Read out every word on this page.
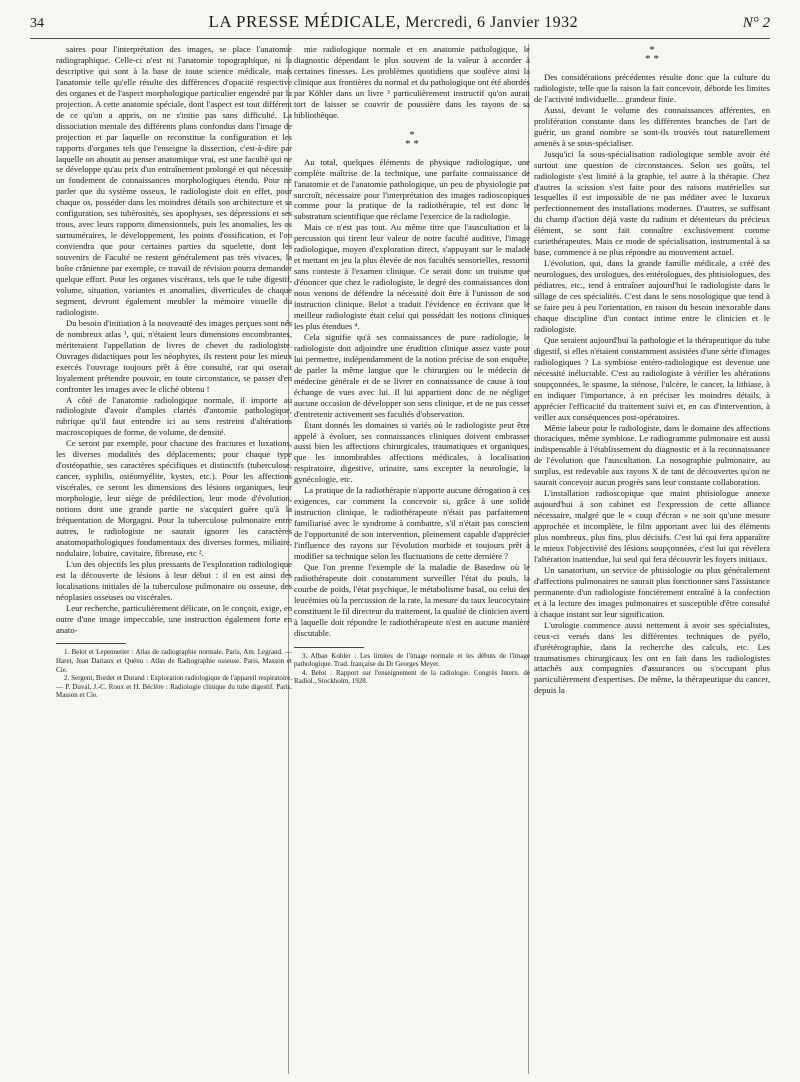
34	LA PRESSE MÉDICALE, Mercredi, 6 Janvier 1932	N° 2

saires pour l'interprétation des images, se place l'anatomie radiographique. Celle-ci n'est ni l'anatomie topographique, ni la descriptive qui sont à la base de toute science médicale, mais l'anatomie telle qu'elle résulte des différences d'opacité respective des organes et de l'aspect morphologique particulier engendré par la projection. A cette anatomie spéciale, dont l'aspect est tout différent de ce qu'on a appris, on ne s'initie pas sans difficulté. La dissociation mentale des différents plans confondus dans l'image de projection et par laquelle on reconstitue la configuration et les rapports d'organes tels que l'enseigne la dissection, c'est-à-dire par laquelle on aboutit au penser anatomique vrai, est une faculté qui ne se développe qu'au prix d'un entraînement prolongé et qui nécessite un fondement de connaissances morphologiques étendu. Pour ne parler que du système osseux, le radiologiste doit en effet, pour chaque os, posséder dans les moindres détails son architecture et sa configuration, ses tubérosités, ses apophyses, ses dépressions et ses trous, avec leurs rapports dimensionnels, puis les anomalies, les os surnuméraires, le développement, les points d'ossification, et l'on conviendra que pour certaines parties du squelette, dont les souvenirs de Faculté ne restent généralement pas très vivaces, la boîte crânienne par exemple, ce travail de révision pourra demander quelque effort. Pour les organes viscéraux, tels que le tube digestif, volume, situation, variantes et anomalies, diverticules de chaque segment, devront également meubler la mémoire visuelle du radiologiste.

Du besoin d'initiation à la nouveauté des images perçues sont nés de nombreux atlas ¹, qui, n'étaient leurs dimensions encombrantes, mériteraient l'appellation de livres de chevet du radiologiste. Ouvrages didactiques pour les néophytes, ils restent pour les mieux exercés l'ouvrage toujours prêt à être consulté, car qui oserait loyalement prétendre pouvoir, en toute circonstance, se passer d'en confronter les images avec le cliché obtenu !

A côté de l'anatomie radiologique normale, il importe au radiologiste d'avoir d'amples clartés d'antomie pathologique, rubrique qu'il faut entendre ici au sens restreint d'altérations macroscopiques de forme, de volume, de densité.

Ce seront par exemple, pour chacune des fractures et luxations, les diverses modalités des déplacements; pour chaque type d'ostéopathie, ses caractères spécifiques et distinctifs (tuberculose, cancer, syphilis, ostéomyélite, kystes, etc.). Pour les affections viscérales, ce seront les dimensions des lésions organiques, leur morphologie, leur siège de prédilection, leur mode d'évolution, notions dont une grande partie ne s'acquiert guère qu'à la fréquentation de Morgagni. Pour la tuberculose pulmonaire entre autres, le radiologiste ne saurait ignorer les caractères anatomopathologiques fondamentaux des diverses formes, miliaire, nodulaire, lobaire, cavitaire, fibreuse, etc ².

L'un des objectifs les plus pressants de l'exploration radiologique est la découverte de lésions à leur début : il en est ainsi des localisations initiales de la tuberculose pulmonaire ou osseuse, des néoplasies osseuses ou viscérales.

Leur recherche, particulièrement délicate, on le conçoit, exige, en outre d'une image impeccable, une instruction également forte en anato-

1. Belot et Lepennetier : Atlas de radiographie normale. Paris, Am. Legrand. — Haret, Jean Dariaux et Quénu : Atlas de Radiographie osseuse. Paris, Masson et Cie.

2. Sergent, Bordet et Durand : Exploration radiologique de l'appareil respiratoire. — P. Duval, J.-C. Roux et H. Béclère : Radiologie clinique du tube digestif. Paris. Masson et Cie.

mie radiologique normale et en anatomie pathologique, le diagnostic dépendant le plus souvent de la valeur à accorder à certaines finesses. Les problèmes quotidiens que soulève ainsi la clinique aux frontières du normal et du pathologique ont été abordés par Köhler dans un livre ³ particulièrement instructif qu'on aurait tort de laisser se couvrir de poussière dans les rayons de sa bibliothèque.

*
* *

Au total, quelques éléments de physique radiologique, une complète maîtrise de la technique, une parfaite connaissance de l'anatomie et de l'anatomie pathologique, un peu de physiologie par surcroît, nécessaire pour l'interprétation des images radioscopiques comme pour la pratique de la radiothérapie, tel est donc le substratum scientifique que réclame l'exercice de la radiologie.

Mais ce n'est pas tout. Au même titre que l'auscultation et la percussion qui tirent leur valeur de notre faculté auditive, l'image radiologique, moyen d'exploration direct, s'appuyant sur le malade et mettant en jeu la plus élevée de nos facultés sensorielles, ressortit sans conteste à l'examen clinique. Ce serait donc un truisme que d'énoncer que chez le radiologiste, le degré des connaissances dont nous venons de défendre la nécessité doit être à l'unisson de son instruction clinique. Belot a traduit l'évidence en écrivant que le meilleur radiologiste était celui qui possédait les notions cliniques les plus étendues ⁴.

Cela signifie qu'à ses connaissances de pure radiologie, le radiologiste doit adjoindre une érudition clinique assez vaste pour lui permettre, indépendamment de la notion précise de son enquête, de parler la même langue que le chirurgien ou le médecin de médecine générale et de se livrer en connaissance de cause à tout échange de vues avec lui. Il lui appartient donc de ne négliger aucune occasion de développer son sens clinique, et de ne pas cesser d'entretenir activement ses facultés d'observation.

Étant donnés les domaines si variés où le radiologiste peut être appelé à évoluer, ses connaissances cliniques doivent embrasser aussi bien les affections chirurgicales, traumatiques et organiques, que les innombrables affections médicales, à localisation respiratoire, digestive, urinaire, sans excepter la neurologie, la gynécologie, etc.

La pratique de la radiothérapie n'apporte aucune dérogation à ces exigences, car comment la concevoir si, grâce à une solide instruction clinique, le radiothérapeute n'était pas parfaitement familiarisé avec le syndrome à combattre, s'il n'était pas conscient de l'opportunité de son intervention, pleinement capable d'apprécier l'influence des rayons sur l'évolution morbide et toujours prêt à modifier sa technique selon les fluctuations de cette dernière ?

Que l'on prenne l'exemple de la maladie de Basedow où le radiothérapeute doit constamment surveiller l'état du pouls, la courbe de poids, l'état psychique, le métabolisme basal, ou celui des leucémies où la percussion de la rate, la mesure du taux leucocytaire constituent le fil directeur du traitement, la qualité de clinicien averti à laquelle doit répondre le radiothérapeute n'est en aucune manière discutable.

3. Alban Kohler : Les limites de l'image normale et les débuts de l'image pathologique. Trad. française du Dr Georges Meyer.

4. Belot : Rapport sur l'enseignement de la radiologie. Congrès Intern. de Radiol., Stockholm, 1928.

*
* *

Des considérations précédentes résulte donc que la culture du radiologiste, telle que la raison la fait concevoir, déborde les limites de l'activité individuelle... grandeur finie.

Aussi, devant le volume des connaissances afférentes, en prolifération constante dans les différentes branches de l'art de guérir, un grand nombre se sont-ils trouvés tout naturellement amenés à se sous-spécialiser.

Jusqu'ici la sous-spécialisation radiologique semble avoir été surtout une question de circonstances. Selon ses goûts, tel radiologiste s'est limité à la graphie, tel autre à la thérapie. Chez d'autres la scission s'est faite pour des raisons matérielles sur lesquelles il est impossible de ne pas méditer avec le luxueux perfectionnement des installations modernes. D'autres, se suffisant du champ d'action déjà vaste du radium et détenteurs du précieux élément, se sont fait connaître exclusivement comme curiethérapeutes. Mais ce mode de spécialisation, instrumental à sa base, commence à ne plus répondre au mouvement actuel.

L'évolution, qui, dans la grande famille médicale, a créé des neurologues, des urologues, des entérologues, des phtisiologues, des pédiatres, etc., tend à entraîner aujourd'hui le radiologiste dans le sillage de ces spécialités. C'est dans le sens nosologique que tend à se faire peu à peu l'orientation, en raison du besoin inexorable dans chaque discipline d'un contact intime entre le clinicien et le radiologiste.

Que seraient aujourd'hui la pathologie et la thérapeutique du tube digestif, si elles n'étaient constamment assistées d'une série d'images radiologiques ? La symbiose entéro-radiologique est devenue une nécessité inéluctable. C'est au radiologiste à vérifier les altérations soupçonnées, le spasme, la sténose, l'ulcère, le cancer, la lithiase, à en indiquer l'importance, à en préciser les moindres détails, à apprécier l'efficacité du traitement suivi et, en cas d'intervention, à veiller aux conséquences post-opératoires.

Même labeur pour le radiologiste, dans le domaine des affections thoraciques, même symbiose. Le radiogramme pulmonaire est aussi indispensable à l'établissement du diagnostic et à la reconnaissance de l'évolution que l'auscultation. La nosographie pulmonaire, au surplus, est redevable aux rayons X de tant de découvertes qu'on ne saurait concevoir aucun progrès sans leur constante collaboration.

L'installation radioscopique que maint phtisiologue annexe aujourd'hui à son cabinet est l'expression de cette alliance nécessaire, malgré que le « coup d'écran » ne soit qu'une mesure approchée et incomplète, le film apportant avec lui des éléments plus nombreux, plus fins, plus décisifs. C'est lui qui fera apparaître le mieux l'objectivité des lésions soupçonnées, c'est lui qui révélera l'altération inattendue, lui seul qui fera découvrir les foyers initiaux.

Un sanatorium, un service de phtisiologie ou plus généralement d'affections pulmonaires ne saurait plus fonctionner sans l'assistance permanente d'un radiologiste foncièrement entraîné à la confection et à la lecture des images pulmonaires et susceptible d'être consulté à chaque instant sur leur signification.

L'urologie commence aussi nettement à avoir ses spécialistes, ceux-ci versés dans les différentes techniques de pyélo, d'urétérographie, dans la recherche des calculs, etc. Les traumatismes chirurgicaux les ont en fait dans les radiologistes attachés aux compagnies d'assurances ou s'occupant plus particulièrement d'expertises. De même, la thérapeutique du cancer, depuis la
